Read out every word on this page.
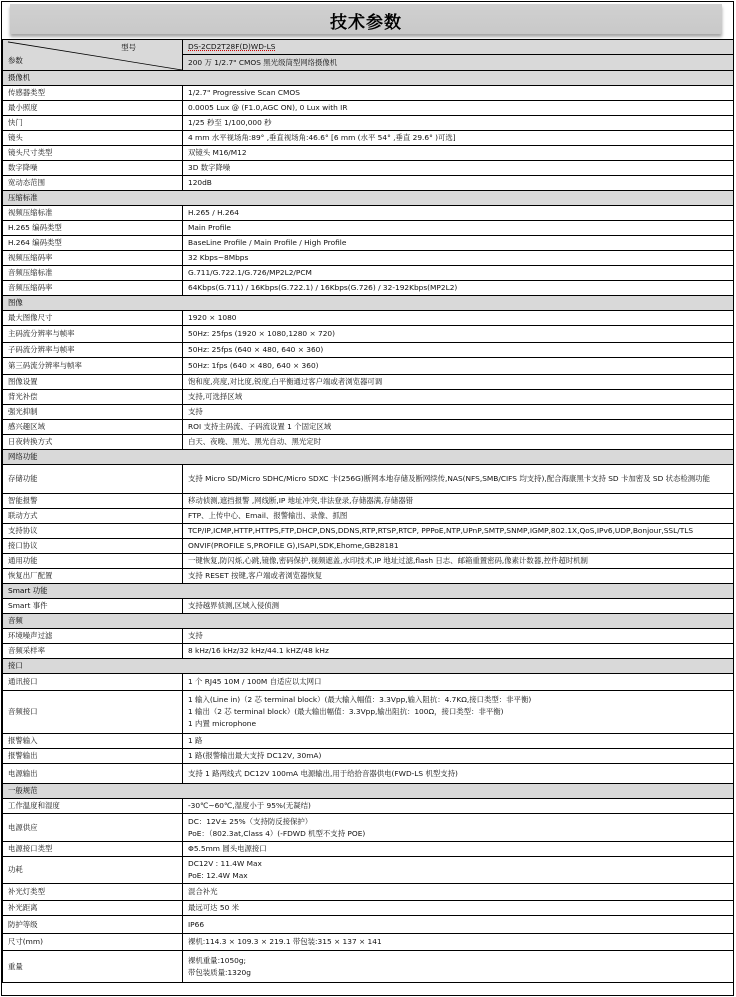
技术参数
型号
参数	DS-2CD2T28F(D)WD-LS
	200 万 1/2.7" CMOS 黑光级筒型网络摄像机
摄像机	
传感器类型	1/2.7" Progressive Scan CMOS
最小照度	0.0005 Lux @ (F1.0,AGC ON), 0 Lux with IR
快门	1/25 秒至 1/100,000 秒
镜头	4 mm 水平视场角:89° ,垂直视场角:46.6° [6 mm (水平 54° ,垂直 29.6° )可选]
镜头尺寸类型	双镜头 M16/M12
数字降噪	3D 数字降噪
宽动态范围	120dB
压缩标准	
视频压缩标准	H.265 / H.264
H.265 编码类型	Main Profile
H.264 编码类型	BaseLine Profile / Main Profile / High Profile
视频压缩码率	32 Kbps~8Mbps
音频压缩标准	G.711/G.722.1/G.726/MP2L2/PCM
音频压缩码率	64Kbps(G.711) / 16Kbps(G.722.1) / 16Kbps(G.726) / 32-192Kbps(MP2L2)
图像	
最大图像尺寸	1920 × 1080
主码流分辨率与帧率	50Hz: 25fps (1920 × 1080,1280 × 720)
子码流分辨率与帧率	50Hz: 25fps (640 × 480, 640 × 360)
第三码流分辨率与帧率	50Hz: 1fps (640 × 480, 640 × 360)
图像设置	饱和度,亮度,对比度,锐度,白平衡通过客户端或者浏览器可调
背光补偿	支持,可选择区域
强光抑制	支持
感兴趣区域	ROI 支持主码流、子码流设置 1 个固定区域
日夜转换方式	白天、夜晚、黑光、黑光自动、黑光定时
网络功能	
存储功能	支持 Micro SD/Micro SDHC/Micro SDXC 卡(256G)断网本地存储及断网续传,NAS(NFS,SMB/CIFS 均支持),配合海康黑卡支持 SD 卡加密及 SD 状态检测功能
智能报警	移动侦测,遮挡报警 ,网线断,IP 地址冲突,非法登录,存储器满,存储器错
联动方式	FTP、上传中心、Email、报警输出、录像、抓图
支持协议	TCP/IP,ICMP,HTTP,HTTPS,FTP,DHCP,DNS,DDNS,RTP,RTSP,RTCP, PPPoE,NTP,UPnP,SMTP,SNMP,IGMP,802.1X,QoS,IPv6,UDP,Bonjour,SSL/TLS
接口协议	ONVIF(PROFILE S,PROFILE G),ISAPI,SDK,Ehome,GB28181
通用功能	一键恢复,防闪烁,心跳,镜像,密码保护,视频遮盖,水印技术,IP 地址过滤,flash 日志、邮箱重置密码,像素计数器,控件超时机制
恢复出厂配置	支持 RESET 按键,客户端或者浏览器恢复
Smart 功能	
Smart 事件	支持越界侦测,区域入侵侦测
音频	
环境噪声过滤	支持
音频采样率	8 kHz/16 kHz/32 kHz/44.1 kHZ/48 kHz
接口	
通讯接口	1 个 RJ45 10M / 100M 自适应以太网口
音频接口	1 输入(Line in)（2 芯 terminal block）(最大输入幅值：3.3Vpp,输入阻抗：4.7KΩ,接口类型：非平衡)
1 输出（2 芯 terminal block）(最大输出幅值：3.3Vpp,输出阻抗：100Ω，接口类型：非平衡)
1 内置 microphone

报警输入	1 路
报警输出	1 路(报警输出最大支持 DC12V, 30mA)
电源输出	支持 1 路两线式 DC12V 100mA 电源输出,用于给拾音器供电(FWD-LS 机型支持)
一般规范	
工作温度和湿度	-30℃~60℃,湿度小于 95%(无凝结)
电源供应	DC：12V± 25%（支持防反接保护）
PoE：（802.3at,Class 4）(-FDWD 机型不支持 POE)

电源接口类型	Φ5.5mm 圆头电源接口
功耗	DC12V : 11.4W Max
PoE: 12.4W Max

补光灯类型	混合补光
补光距离	最远可达 50 米
防护等级	IP66
尺寸(mm)	裸机:114.3 × 109.3 × 219.1 带包装:315 × 137 × 141
重量	裸机重量:1050g;
带包装质量:1320g
